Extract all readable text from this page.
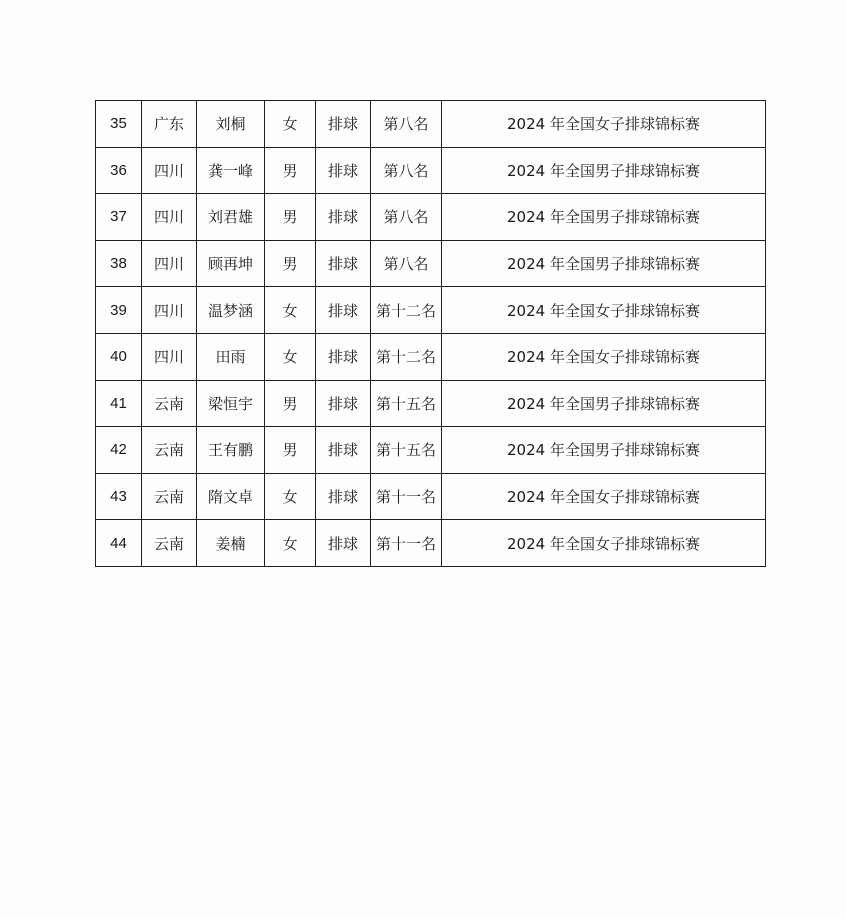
35	广东	刘桐	女	排球	第八名	2024 年全国女子排球锦标赛
36	四川	龚一峰	男	排球	第八名	2024 年全国男子排球锦标赛
37	四川	刘君雄	男	排球	第八名	2024 年全国男子排球锦标赛
38	四川	顾再坤	男	排球	第八名	2024 年全国男子排球锦标赛
39	四川	温梦涵	女	排球	第十二名	2024 年全国女子排球锦标赛
40	四川	田雨	女	排球	第十二名	2024 年全国女子排球锦标赛
41	云南	梁恒宇	男	排球	第十五名	2024 年全国男子排球锦标赛
42	云南	王有鹏	男	排球	第十五名	2024 年全国男子排球锦标赛
43	云南	隋文卓	女	排球	第十一名	2024 年全国女子排球锦标赛
44	云南	姜楠	女	排球	第十一名	2024 年全国女子排球锦标赛
